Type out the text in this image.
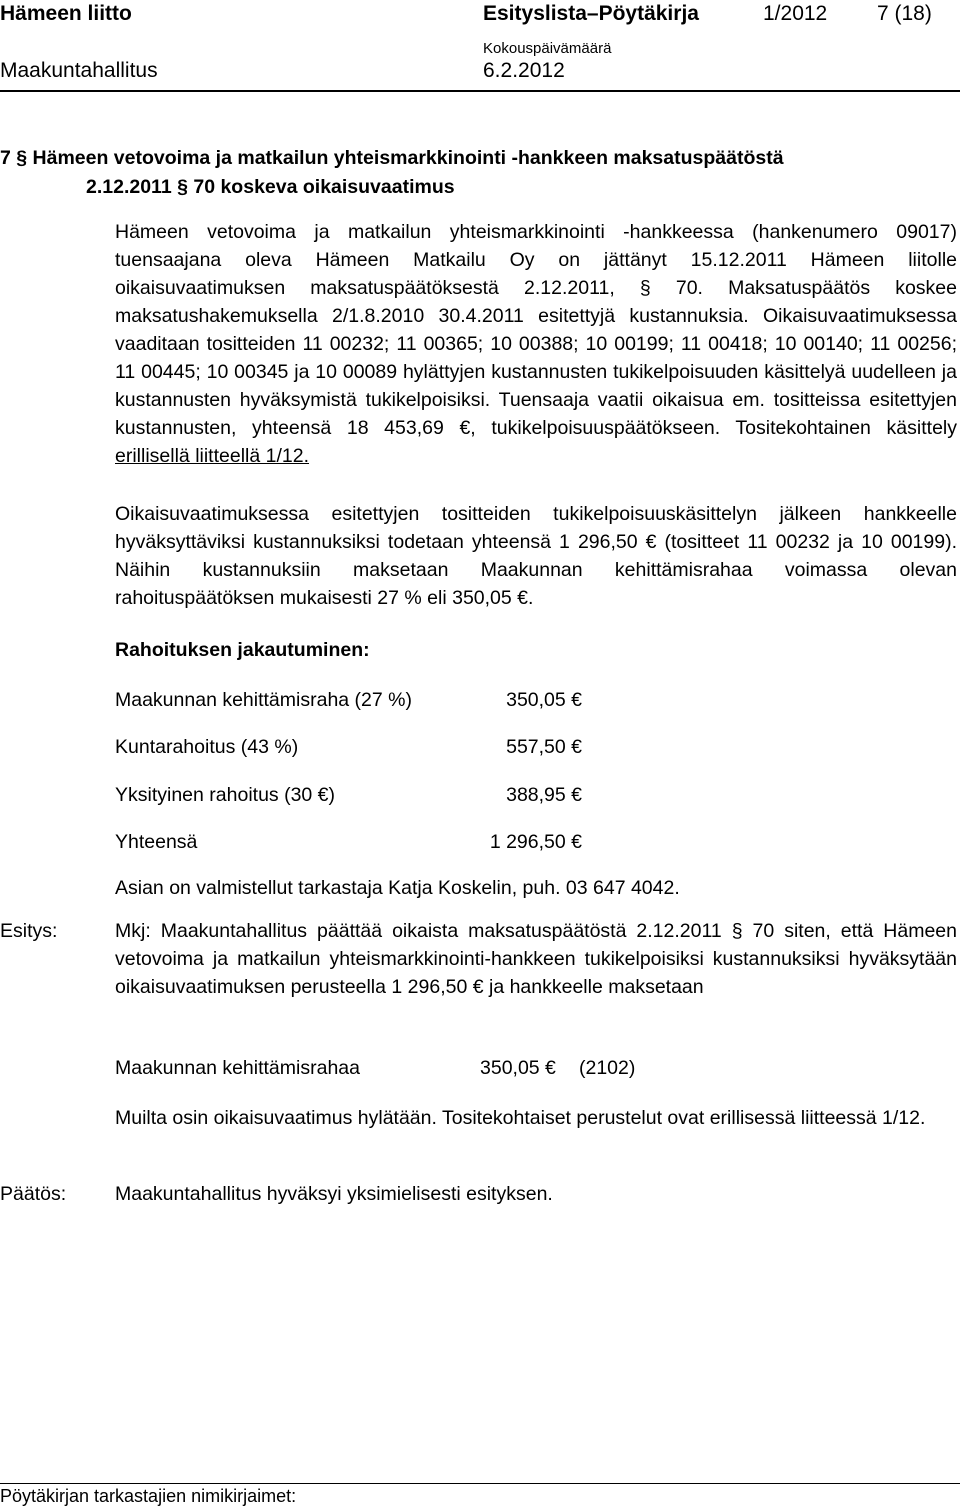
Hämeen liitto	Esityslista–Pöytäkirja	1/2012 7 (18)
Kokouspäivämäärä
Maakuntahallitus	6.2.2012
7 § Hämeen vetovoima ja matkailun yhteismarkkinointi -hankkeen maksatuspäätöstä
2.12.2011 § 70 koskeva oikaisuvaatimus
Hämeen vetovoima ja matkailun yhteismarkkinointi -hankkeessa (hankenumero 09017) tuensaajana oleva Hämeen Matkailu Oy on jättänyt 15.12.2011 Hämeen liitolle oikaisuvaatimuksen maksatuspäätöksestä 2.12.2011, § 70. Maksatuspäätös koskee maksatushakemuksella 2/1.8.2010 30.4.2011 esitettyjä kustannuksia. Oikaisuvaatimuksessa vaaditaan tositteiden 11 00232; 11 00365; 10 00388; 10 00199; 11 00418; 10 00140; 11 00256; 11 00445; 10 00345 ja 10 00089 hylättyjen kustannusten tukikelpoisuuden käsittelyä uudelleen ja kustannusten hyväksymistä tukikelpoisiksi. Tuensaaja vaatii oikaisua em. tositteissa esitettyjen kustannusten, yhteensä 18 453,69 €, tukikelpoisuuspäätökseen. Tositekohtainen käsittely erillisellä liitteellä 1/12.
Oikaisuvaatimuksessa esitettyjen tositteiden tukikelpoisuuskäsittelyn jälkeen hankkeelle hyväksyttäviksi kustannuksiksi todetaan yhteensä 1 296,50 € (tositteet 11 00232 ja 10 00199). Näihin kustannuksiin maksetaan Maakunnan kehittämisrahaa voimassa olevan rahoituspäätöksen mukaisesti 27 % eli 350,05 €.
Rahoituksen jakautuminen:
Maakunnan kehittämisraha (27 %)	350,05 €
Kuntarahoitus (43 %)	557,50 €
Yksityinen rahoitus (30 €)	388,95 €
Yhteensä	1 296,50 €
Asian on valmistellut tarkastaja Katja Koskelin, puh. 03 647 4042.
Esitys:	Mkj: Maakuntahallitus päättää oikaista maksatuspäätöstä 2.12.2011 § 70 siten, että Hämeen vetovoima ja matkailun yhteismarkkinointi-hankkeen tukikelpoisiksi kustannuksiksi hyväksytään oikaisuvaatimuksen perusteella 1 296,50 € ja hankkeelle maksetaan
Maakunnan kehittämisrahaa	350,05 € (2102)
Muilta osin oikaisuvaatimus hylätään. Tositekohtaiset perustelut ovat erillisessä liitteessä 1/12.
Päätös:	Maakuntahallitus hyväksyi yksimielisesti esityksen.
Pöytäkirjan tarkastajien nimikirjaimet:
